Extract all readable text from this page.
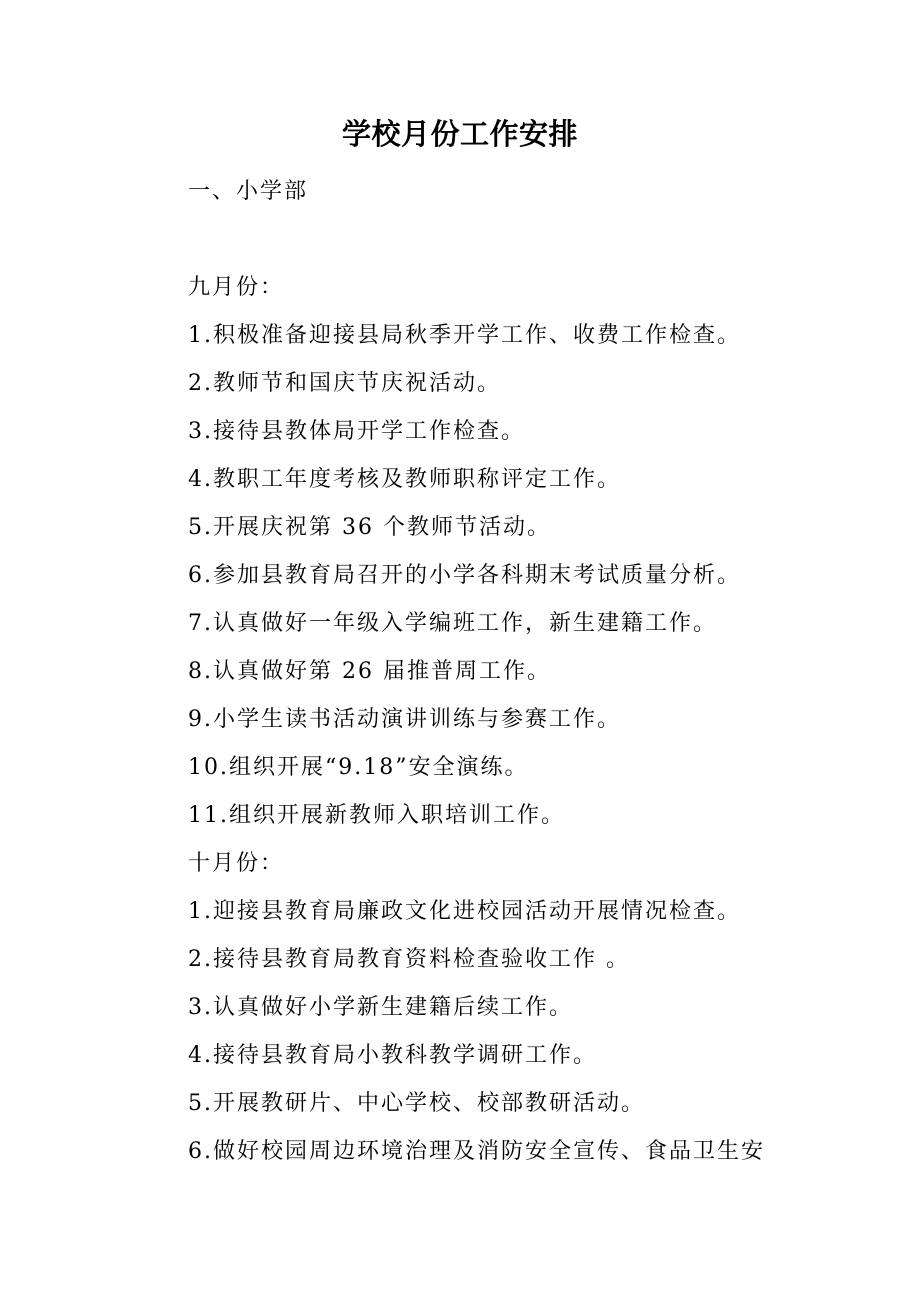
学校月份工作安排
一、小学部
九月份：
1.积极准备迎接县局秋季开学工作、收费工作检查。
2.教师节和国庆节庆祝活动。
3.接待县教体局开学工作检查。
4.教职工年度考核及教师职称评定工作。
5.开展庆祝第 36 个教师节活动。
6.参加县教育局召开的小学各科期末考试质量分析。
7.认真做好一年级入学编班工作，新生建籍工作。
8.认真做好第 26 届推普周工作。
9.小学生读书活动演讲训练与参赛工作。
10.组织开展“9.18”安全演练。
11.组织开展新教师入职培训工作。
十月份：
1.迎接县教育局廉政文化进校园活动开展情况检查。
2.接待县教育局教育资料检查验收工作 。
3.认真做好小学新生建籍后续工作。
4.接待县教育局小教科教学调研工作。
5.开展教研片、中心学校、校部教研活动。
6.做好校园周边环境治理及消防安全宣传、食品卫生安
